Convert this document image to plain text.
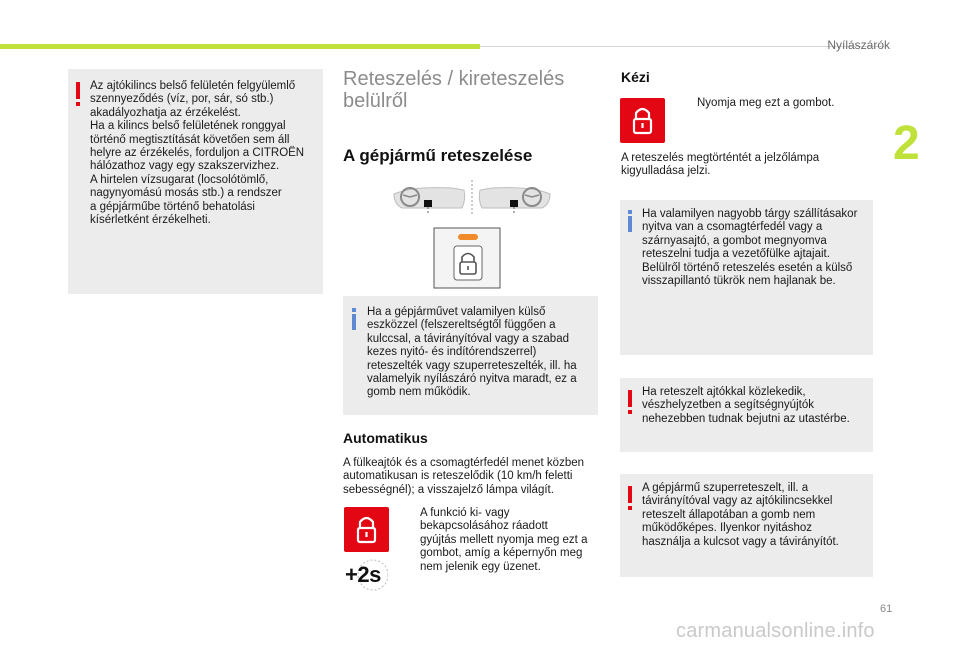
Nyílászárók
2
Az ajtókilincs belső felületén felgyülemlő
szennyeződés (víz, por, sár, só stb.)
akadályozhatja az érzékelést.
Ha a kilincs belső felületének ronggyal
történő megtisztítását követően sem áll
helyre az érzékelés, forduljon a CITROËN
hálózathoz vagy egy szakszervizhez.
A hirtelen vízsugarat (locsolótömlő,
nagynyomású mosás stb.) a rendszer
a gépjárműbe történő behatolási
kísérletként érzékelheti.
Reteszelés / kireteszelés
belülről
A gépjármű reteszelése
Ha a gépjárművet valamilyen külső
eszközzel (felszereltségtől függően a
kulccsal, a távirányítóval vagy a szabad
kezes nyitó- és indítórendszerrel)
reteszelték vagy szuperreteszelték, ill. ha
valamelyik nyílászáró nyitva maradt, ez a
gomb nem működik.
Automatikus
A fülkeajtók és a csomagtérfedél menet közben
automatikusan is reteszelődik (10 km/h feletti
sebességnél); a visszajelző lámpa világít.
+2s
A funkció ki- vagy
bekapcsolásához ráadott
gyújtás mellett nyomja meg ezt a
gombot, amíg a képernyőn meg
nem jelenik egy üzenet.
Kézi
Nyomja meg ezt a gombot.
A reteszelés megtörténtét a jelzőlámpa
kigyulladása jelzi.
Ha valamilyen nagyobb tárgy szállításakor
nyitva van a csomagtérfedél vagy a
szárnyasajtó, a gombot megnyomva
reteszelni tudja a vezetőfülke ajtajait.
Belülről történő reteszelés esetén a külső
visszapillantó tükrök nem hajlanak be.
Ha reteszelt ajtókkal közlekedik,
vészhelyzetben a segítségnyújtók
nehezebben tudnak bejutni az utastérbe.
A gépjármű szuperreteszelt, ill. a
távirányítóval vagy az ajtókilincsekkel
reteszelt állapotában a gomb nem
működőképes. Ilyenkor nyitáshoz
használja a kulcsot vagy a távirányítót.
61
carmanualsonline.info
